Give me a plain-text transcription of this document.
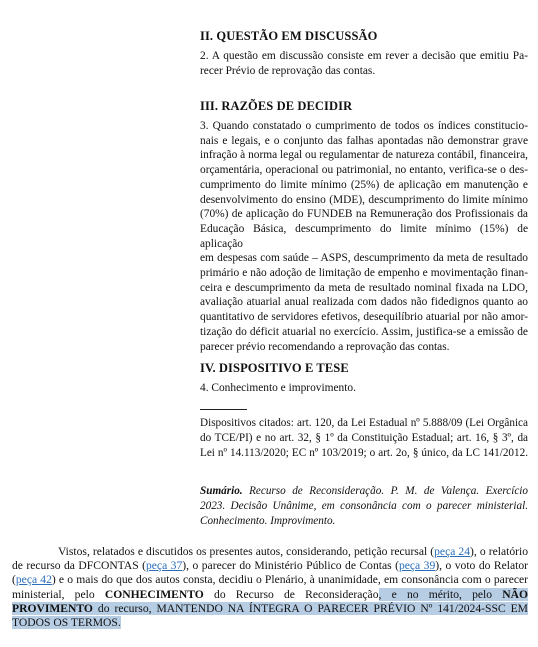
II. QUESTÃO EM DISCUSSÃO

2. A questão em discussão consiste em rever a decisão que emitiu Pa-
recer Prévio de reprovação das contas.

III. RAZÕES DE DECIDIR

3. Quando constatado o cumprimento de todos os índices constitucio-
nais e legais, e o conjunto das falhas apontadas não demonstrar grave
infração à norma legal ou regulamentar de natureza contábil, financeira,
orçamentária, operacional ou patrimonial, no entanto, verifica-se o des-
cumprimento do limite mínimo (25%) de aplicação em manutenção e
desenvolvimento do ensino (MDE), descumprimento do limite mínimo
(70%) de aplicação do FUNDEB na Remuneração dos Profissionais da
Educação Básica, descumprimento do limite mínimo (15%) de aplicação
em despesas com saúde – ASPS, descumprimento da meta de resultado
primário e não adoção de limitação de empenho e movimentação finan-
ceira e descumprimento da meta de resultado nominal fixada na LDO,
avaliação atuarial anual realizada com dados não fidedignos quanto ao
quantitativo de servidores efetivos, desequilíbrio atuarial por não amor-
tização do déficit atuarial no exercício. Assim, justifica-se a emissão de
parecer prévio recomendando a reprovação das contas.

IV. DISPOSITIVO E TESE

4. Conhecimento e improvimento.

Dispositivos citados: art. 120, da Lei Estadual nº 5.888/09 (Lei Orgânica
do TCE/PI) e no art. 32, § 1º da Constituição Estadual; art. 16, § 3º, da
Lei nº 14.113/2020; EC nº 103/2019; o art. 2o, § único, da LC 141/2012.
Sumário. Recurso de Reconsideração. P. M. de Valença. Exercício
2023. Decisão Unânime, em consonância com o parecer ministerial.
Conhecimento. Improvimento.
Vistos, relatados e discutidos os presentes autos, considerando, petição recursal (peça 24), o relatório de recurso da DFCONTAS (peça 37), o parecer do Ministério Público de Contas (peça 39), o voto do Relator (peça 42) e o mais do que dos autos consta, decidiu o Plenário, à unanimidade, em consonância com o parecer ministerial, pelo CONHECIMENTO do Recurso de Reconsideração, e no mérito, pelo NÃO PROVIMENTO do recurso, MANTENDO NA ÍNTEGRA O PARECER PRÉVIO Nº 141/2024-SSC EM TODOS OS TERMOS.
